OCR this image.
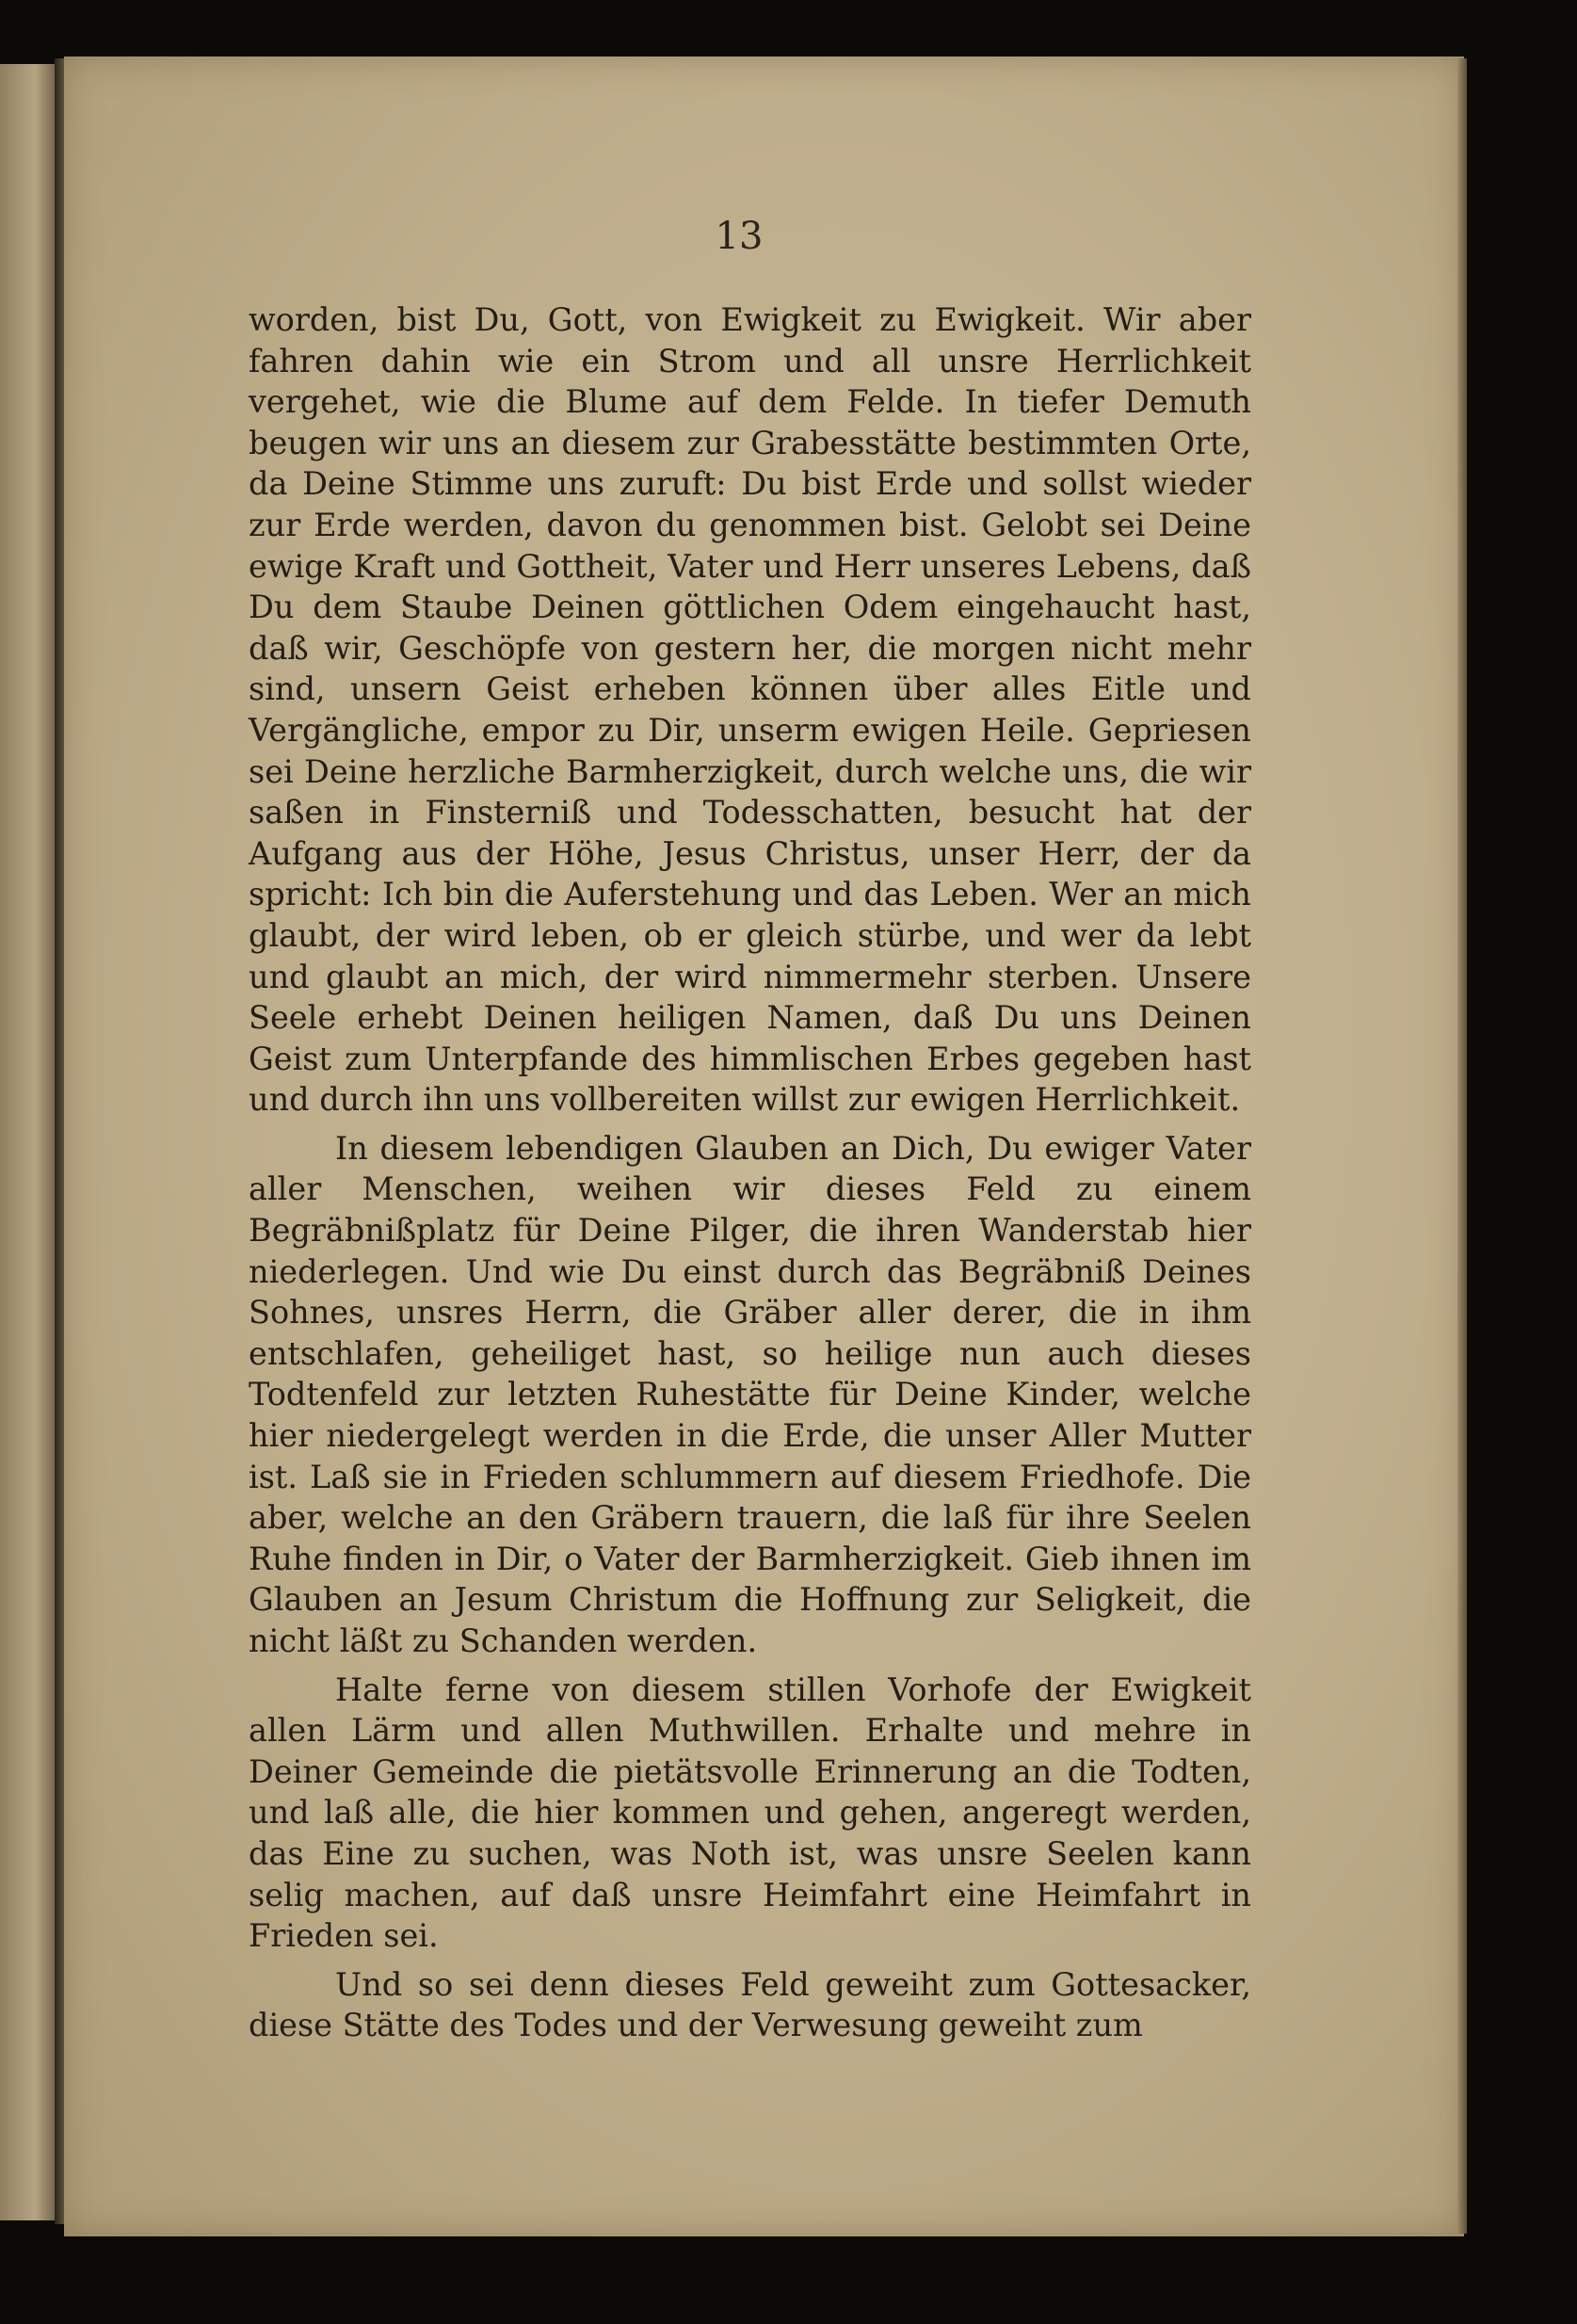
13

worden, bist Du, Gott, von Ewigkeit zu Ewigkeit. Wir aber fahren dahin wie ein Strom und all unsre Herrlichkeit vergehet, wie die Blume auf dem Felde. In tiefer Demuth beugen wir uns an diesem zur Grabesstätte bestimmten Orte, da Deine Stimme uns zuruft: Du bist Erde und sollst wieder zur Erde werden, davon du genommen bist. Gelobt sei Deine ewige Kraft und Gottheit, Vater und Herr unseres Lebens, daß Du dem Staube Deinen göttlichen Odem eingehaucht hast, daß wir, Geschöpfe von gestern her, die morgen nicht mehr sind, unsern Geist erheben können über alles Eitle und Vergängliche, empor zu Dir, unserm ewigen Heile. Gepriesen sei Deine herzliche Barmherzigkeit, durch welche uns, die wir saßen in Finsterniß und Todesschatten, besucht hat der Aufgang aus der Höhe, Jesus Christus, unser Herr, der da spricht: Ich bin die Auferstehung und das Leben. Wer an mich glaubt, der wird leben, ob er gleich stürbe, und wer da lebt und glaubt an mich, der wird nimmermehr sterben. Unsere Seele erhebt Deinen heiligen Namen, daß Du uns Deinen Geist zum Unterpfande des himmlischen Erbes gegeben hast und durch ihn uns vollbereiten willst zur ewigen Herrlichkeit.

In diesem lebendigen Glauben an Dich, Du ewiger Vater aller Menschen, weihen wir dieses Feld zu einem Begräbnißplatz für Deine Pilger, die ihren Wanderstab hier niederlegen. Und wie Du einst durch das Begräbniß Deines Sohnes, unsres Herrn, die Gräber aller derer, die in ihm entschlafen, geheiliget hast, so heilige nun auch dieses Todtenfeld zur letzten Ruhestätte für Deine Kinder, welche hier niedergelegt werden in die Erde, die unser Aller Mutter ist. Laß sie in Frieden schlummern auf diesem Friedhofe. Die aber, welche an den Gräbern trauern, die laß für ihre Seelen Ruhe finden in Dir, o Vater der Barmherzigkeit. Gieb ihnen im Glauben an Jesum Christum die Hoffnung zur Seligkeit, die nicht läßt zu Schanden werden.

Halte ferne von diesem stillen Vorhofe der Ewigkeit allen Lärm und allen Muthwillen. Erhalte und mehre in Deiner Gemeinde die pietätsvolle Erinnerung an die Todten, und laß alle, die hier kommen und gehen, angeregt werden, das Eine zu suchen, was Noth ist, was unsre Seelen kann selig machen, auf daß unsre Heimfahrt eine Heimfahrt in Frieden sei.

Und so sei denn dieses Feld geweiht zum Gottesacker, diese Stätte des Todes und der Verwesung geweiht zum
